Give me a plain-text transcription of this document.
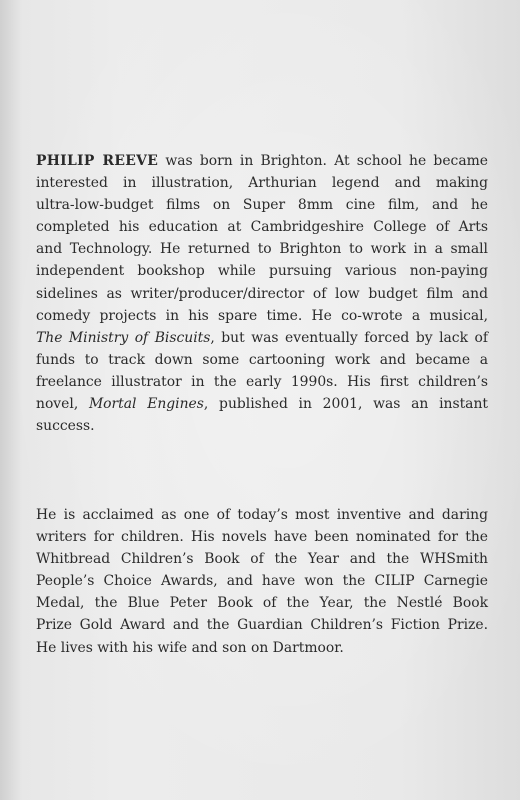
PHILIP REEVE was born in Brighton. At school he became
interested in illustration, Arthurian legend and making
ultra-low-budget films on Super 8mm cine film, and he
completed his education at Cambridgeshire College of Arts
and Technology. He returned to Brighton to work in a small
independent bookshop while pursuing various non-paying
sidelines as writer/producer/director of low budget film and
comedy projects in his spare time. He co-wrote a musical,
The Ministry of Biscuits, but was eventually forced by lack of
funds to track down some cartooning work and became a
freelance illustrator in the early 1990s. His first children’s
novel, Mortal Engines, published in 2001, was an instant
success.
He is acclaimed as one of today’s most inventive and daring
writers for children. His novels have been nominated for the
Whitbread Children’s Book of the Year and the WHSmith
People’s Choice Awards, and have won the CILIP Carnegie
Medal, the Blue Peter Book of the Year, the Nestlé Book
Prize Gold Award and the Guardian Children’s Fiction Prize.
He lives with his wife and son on Dartmoor.
